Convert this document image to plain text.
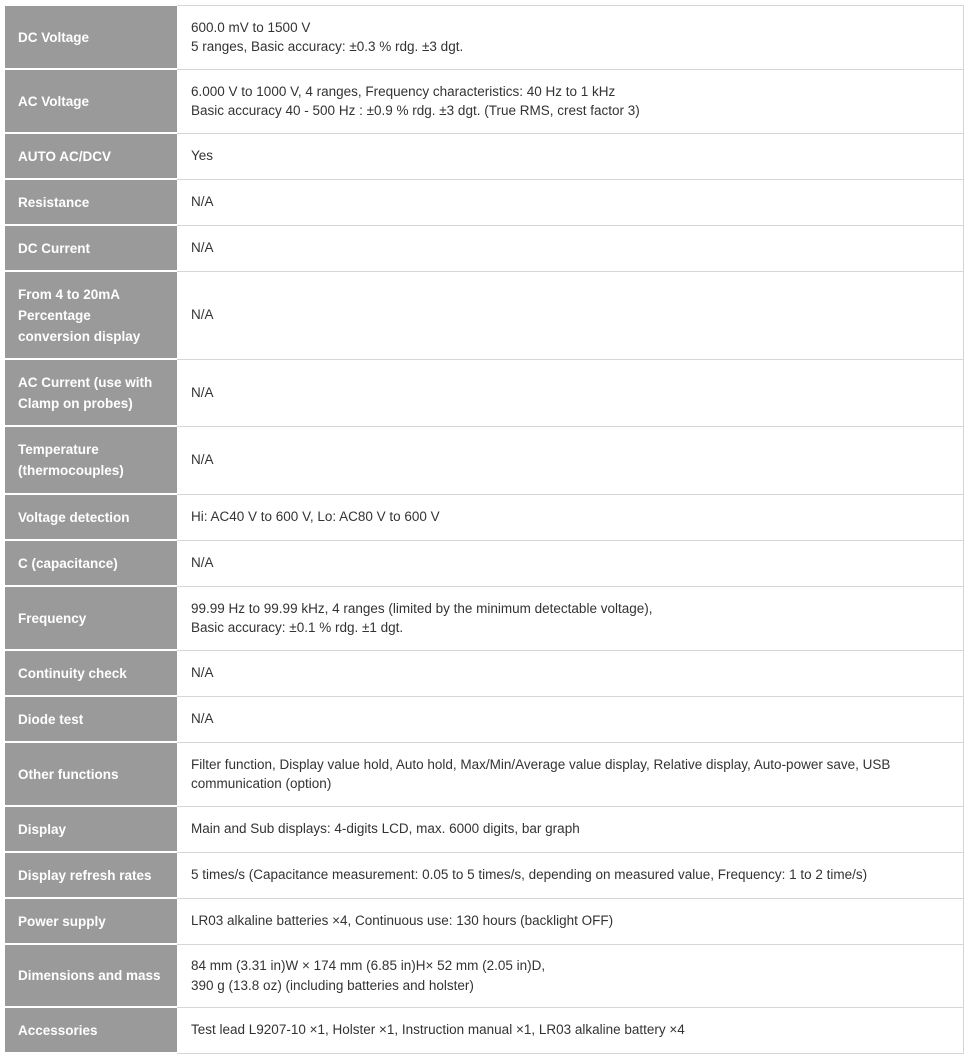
DC Voltage	600.0 mV to 1500 V
5 ranges, Basic accuracy: ±0.3 % rdg. ±3 dgt.

AC Voltage	6.000 V to 1000 V, 4 ranges, Frequency characteristics: 40 Hz to 1 kHz
Basic accuracy 40 - 500 Hz : ±0.9 % rdg. ±3 dgt. (True RMS, crest factor 3)

AUTO AC/DCV	Yes

Resistance	N/A

DC Current	N/A

From 4 to 20mA Percentage conversion display	N/A

AC Current (use with Clamp on probes)	N/A

Temperature (thermocouples)	N/A

Voltage detection	Hi: AC40 V to 600 V, Lo: AC80 V to 600 V

C (capacitance)	N/A

Frequency	99.99 Hz to 99.99 kHz, 4 ranges (limited by the minimum detectable voltage),
Basic accuracy: ±0.1 % rdg. ±1 dgt.

Continuity check	N/A

Diode test	N/A

Other functions	Filter function, Display value hold, Auto hold, Max/Min/Average value display, Relative display, Auto-power save, USB communication (option)

Display	Main and Sub displays: 4-digits LCD, max. 6000 digits, bar graph

Display refresh rates	5 times/s (Capacitance measurement: 0.05 to 5 times/s, depending on measured value, Frequency: 1 to 2 time/s)

Power supply	LR03 alkaline batteries ×4, Continuous use: 130 hours (backlight OFF)

Dimensions and mass	84 mm (3.31 in)W × 174 mm (6.85 in)H× 52 mm (2.05 in)D,
390 g (13.8 oz) (including batteries and holster)

Accessories	Test lead L9207-10 ×1, Holster ×1, Instruction manual ×1, LR03 alkaline battery ×4
